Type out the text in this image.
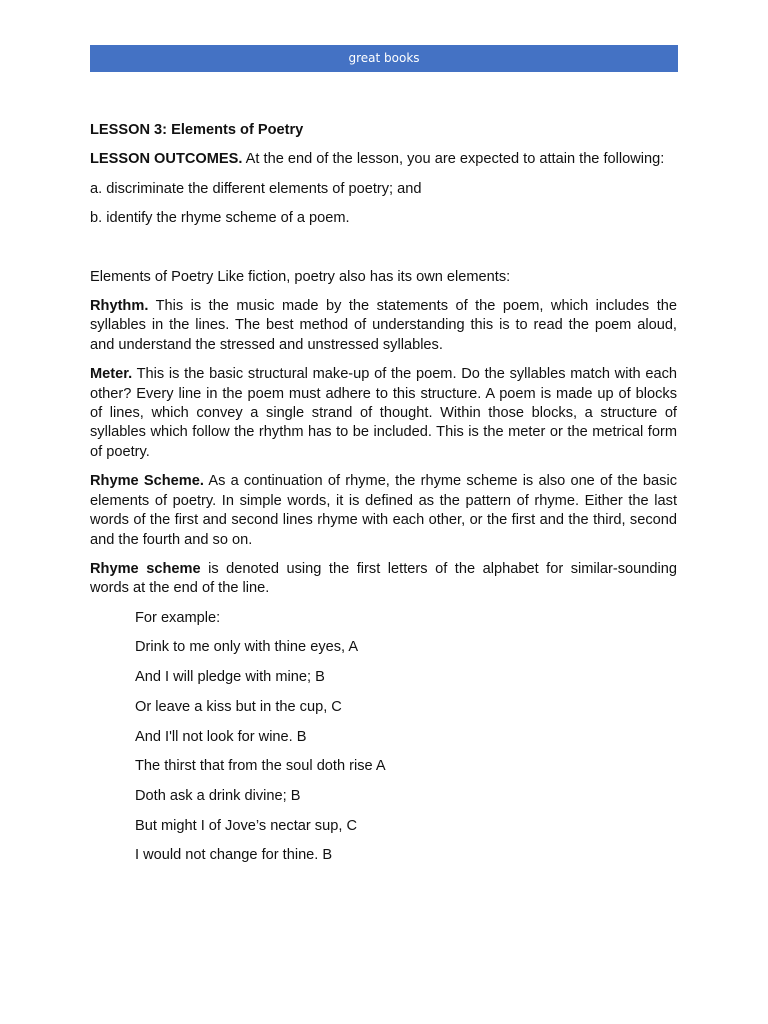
great books

LESSON 3: Elements of Poetry

LESSON OUTCOMES. At the end of the lesson, you are expected to attain the following:

a. discriminate the different elements of poetry; and

b. identify the rhyme scheme of a poem.

Elements of Poetry Like fiction, poetry also has its own elements:

Rhythm. This is the music made by the statements of the poem, which includes the syllables in the lines. The best method of understanding this is to read the poem aloud, and understand the stressed and unstressed syllables.

Meter. This is the basic structural make-up of the poem. Do the syllables match with each other? Every line in the poem must adhere to this structure. A poem is made up of blocks of lines, which convey a single strand of thought. Within those blocks, a structure of syllables which follow the rhythm has to be included. This is the meter or the metrical form of poetry.

Rhyme Scheme. As a continuation of rhyme, the rhyme scheme is also one of the basic elements of poetry. In simple words, it is defined as the pattern of rhyme. Either the last words of the first and second lines rhyme with each other, or the first and the third, second and the fourth and so on.

Rhyme scheme is denoted using the first letters of the alphabet for similar-sounding words at the end of the line.

For example:

Drink to me only with thine eyes, A

And I will pledge with mine; B

Or leave a kiss but in the cup, C

And I'll not look for wine. B

The thirst that from the soul doth rise A

Doth ask a drink divine; B

But might I of Jove’s nectar sup, C

I would not change for thine. B
